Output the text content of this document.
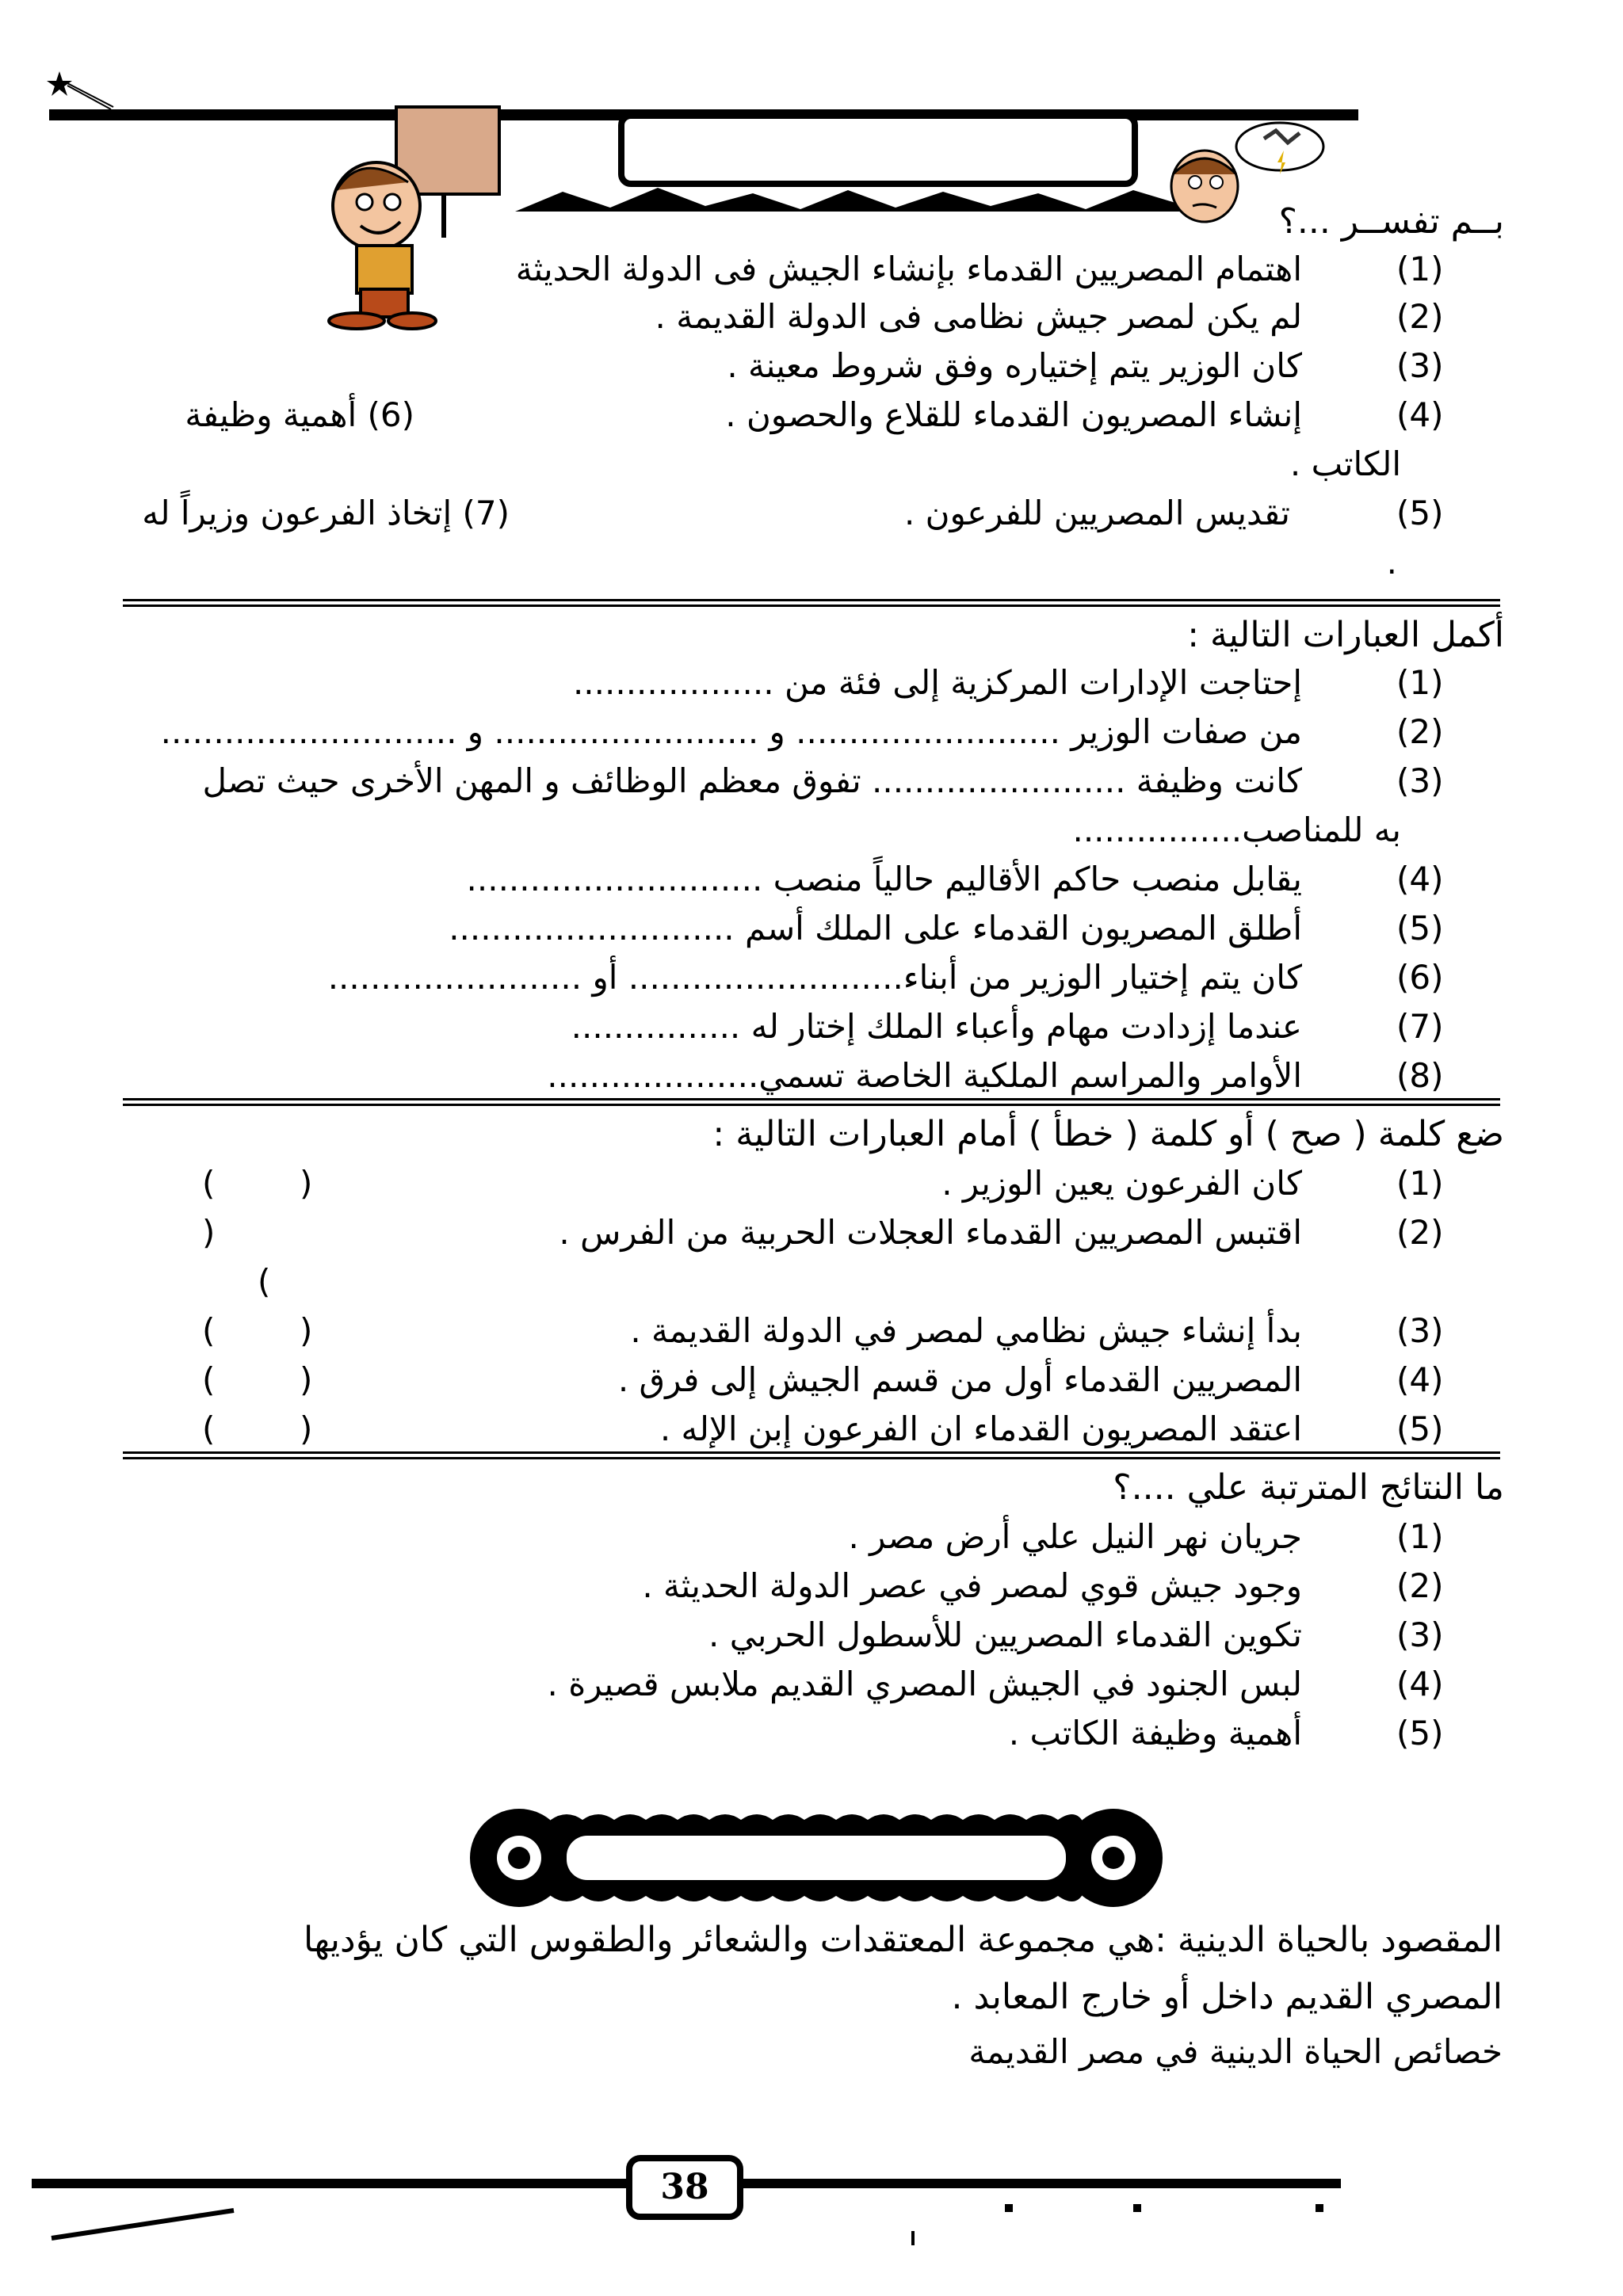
بــم تفســر ...؟
(1)
اهتمام المصريين القدماء بإنشاء الجيش فى الدولة الحديثة
(2)
لم يكن لمصر جيش نظامى فى الدولة القديمة .
(3)
كان الوزير يتم إختياره وفق شروط معينة .
(4)
إنشاء المصريون القدماء للقلاع والحصون .
(6) أهمية وظيفة
الكاتب .
(5)
تقديس المصريين للفرعون .
(7) إتخاذ الفرعون وزيراً له
.
أكمل العبارات التالية :
(1)
إحتاجت الإدارات المركزية إلى فئة من ...................
(2)
من صفات الوزير ......................... و ......................... و ............................
(3)
كانت وظيفة ........................ تفوق معظم الوظائف و المهن الأخرى حيث تصل
به للمناصب................
(4)
يقابل منصب حاكم الأقاليم حالياً منصب ............................
(5)
أطلق المصريون القدماء على الملك أسم ...........................
(6)
كان يتم إختيار الوزير من أبناء.......................... أو ........................
(7)
عندما إزدادت مهام وأعباء الملك إختار له ................
(8)
الأوامر والمراسم الملكية الخاصة تسمي....................
ضع كلمة ( صح ) أو كلمة ( خطأ ) أمام العبارات التالية :
(1)
كان الفرعون يعين الوزير .
)
(
(2)
اقتبس المصريين القدماء العجلات الحربية من الفرس .
)
(
(3)
بدأ إنشاء جيش نظامي لمصر في الدولة القديمة .
)
(
(4)
المصريين القدماء أول من قسم الجيش إلى فرق .
)
(
(5)
اعتقد المصريون القدماء ان الفرعون إبن الإله .
)
(
ما النتائج المترتبة علي ....؟
(1)
جريان نهر النيل علي أرض مصر .
(2)
وجود جيش قوي لمصر في عصر الدولة الحديثة .
(3)
تكوين القدماء المصريين للأسطول الحربي .
(4)
لبس الجنود في الجيش المصري القديم ملابس قصيرة .
(5)
أهمية وظيفة الكاتب .
المقصود بالحياة الدينية :هي مجموعة المعتقدات والشعائر والطقوس التي كان يؤديها
المصري القديم داخل أو خارج المعابد .
خصائص الحياة الدينية في مصر القديمة
38
